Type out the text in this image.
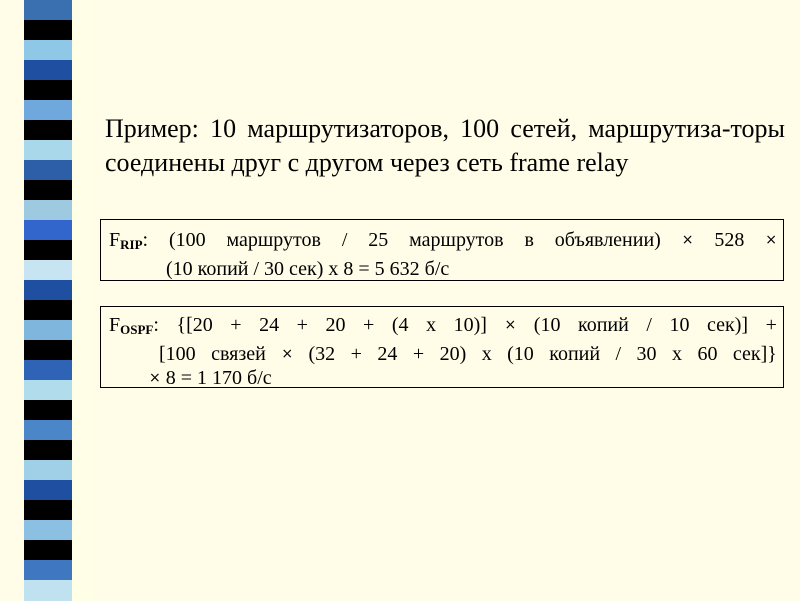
Пример: 10 маршрутизаторов, 100 сетей, маршрутиза-торы соединены друг с другом через сеть frame relay
$F_{RIP}$: (100 маршрутов / 25 маршрутов в объявлении) × 528 ×
(10 копий / 30 сек) x 8 = 5 632 б/с
$F_{OSPF}$: {[20 + 24 + 20 + (4 x 10)] × (10 копий / 10 сек)] +
[100 связей × (32 + 24 + 20) x (10 копий / 30 x 60 сек]}
×
8 = 1 170 б/с
